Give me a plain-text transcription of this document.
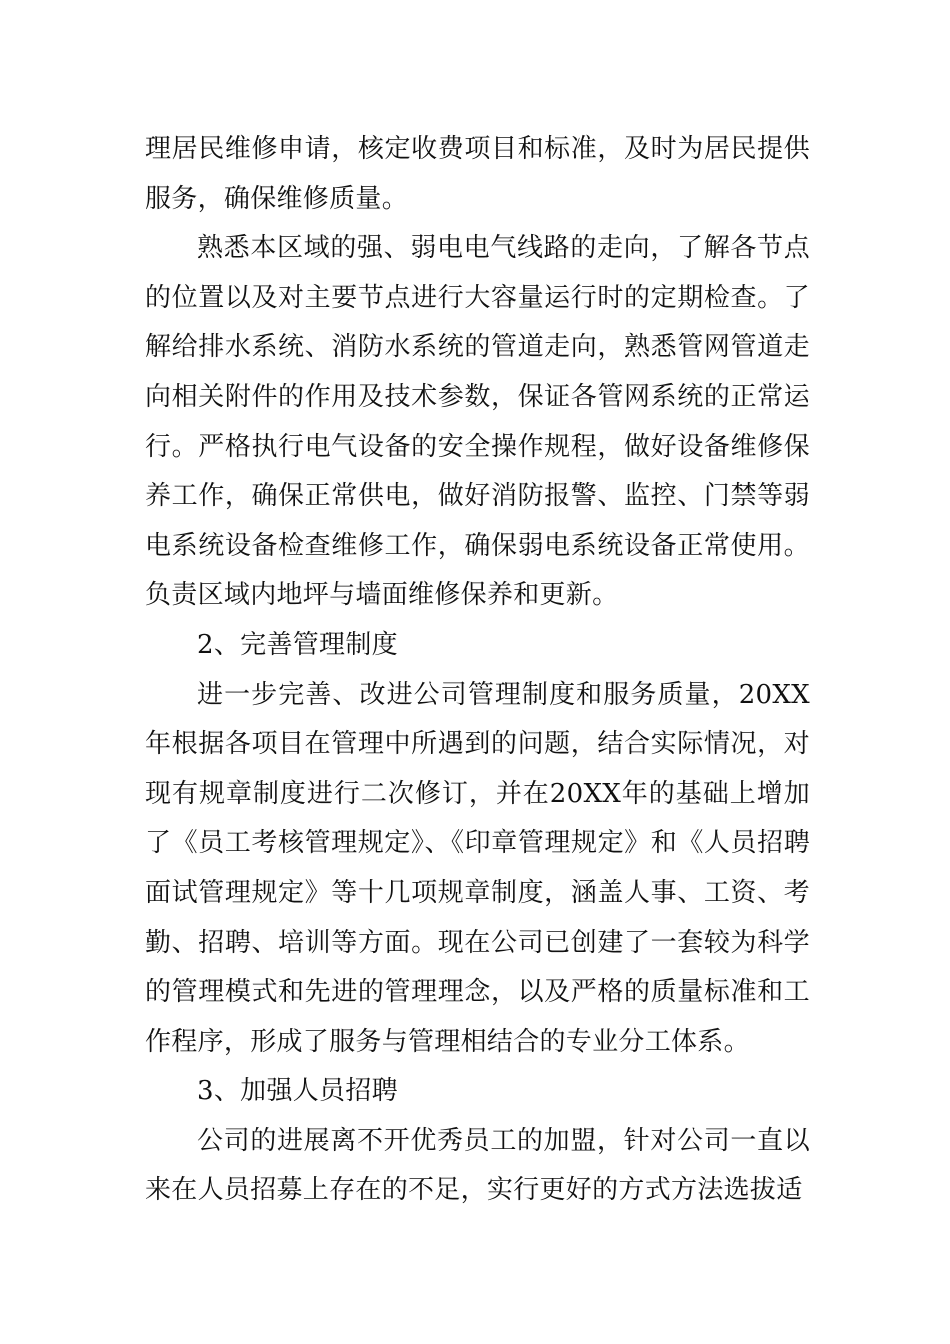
理居民维修申请，核定收费项目和标准，及时为居民提供服务，确保维修质量。

熟悉本区域的强、弱电电气线路的走向，了解各节点的位置以及对主要节点进行大容量运行时的定期检查。了解给排水系统、消防水系统的管道走向，熟悉管网管道走向相关附件的作用及技术参数，保证各管网系统的正常运行。严格执行电气设备的安全操作规程，做好设备维修保养工作，确保正常供电，做好消防报警、监控、门禁等弱电系统设备检查维修工作，确保弱电系统设备正常使用。负责区域内地坪与墙面维修保养和更新。

2、完善管理制度

进一步完善、改进公司管理制度和服务质量，20XX年根据各项目在管理中所遇到的问题，结合实际情况，对现有规章制度进行二次修订，并在20XX年的基础上增加了《员工考核管理规定》、《印章管理规定》和《人员招聘面试管理规定》等十几项规章制度，涵盖人事、工资、考勤、招聘、培训等方面。现在公司已创建了一套较为科学的管理模式和先进的管理理念，以及严格的质量标准和工作程序，形成了服务与管理相结合的专业分工体系。

3、加强人员招聘

公司的进展离不开优秀员工的加盟，针对公司一直以来在人员招募上存在的不足，实行更好的方式方法选拔适
